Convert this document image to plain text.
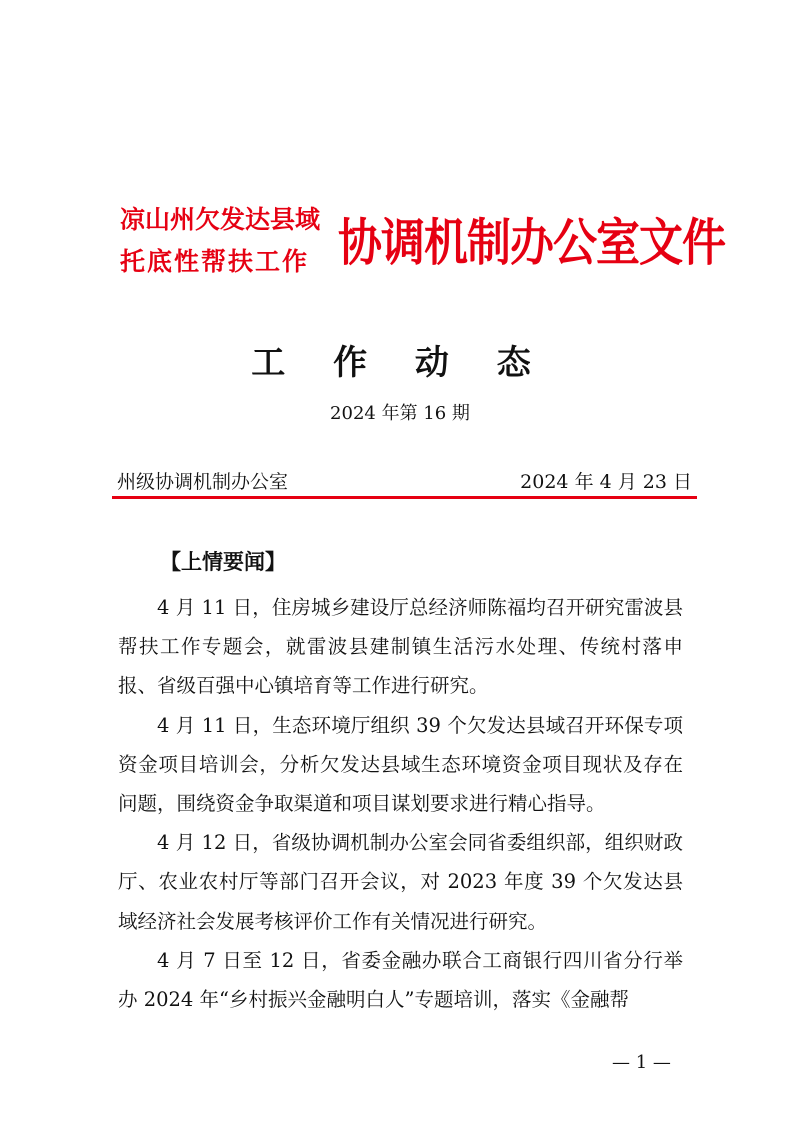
凉山州欠发达县域
托底性帮扶工作 协调机制办公室文件
工 作 动 态
2024 年第 16 期
州级协调机制办公室	2024 年 4 月 23 日
【上情要闻】

4 月 11 日，住房城乡建设厅总经济师陈福均召开研究雷波县帮扶工作专题会，就雷波县建制镇生活污水处理、传统村落申报、省级百强中心镇培育等工作进行研究。

4 月 11 日，生态环境厅组织 39 个欠发达县域召开环保专项资金项目培训会，分析欠发达县域生态环境资金项目现状及存在问题，围绕资金争取渠道和项目谋划要求进行精心指导。

4 月 12 日，省级协调机制办公室会同省委组织部，组织财政厅、农业农村厅等部门召开会议，对 2023 年度 39 个欠发达县域经济社会发展考核评价工作有关情况进行研究。

4 月 7 日至 12 日，省委金融办联合工商银行四川省分行举办 2024 年“乡村振兴金融明白人”专题培训，落实《金融帮

— 1 —
